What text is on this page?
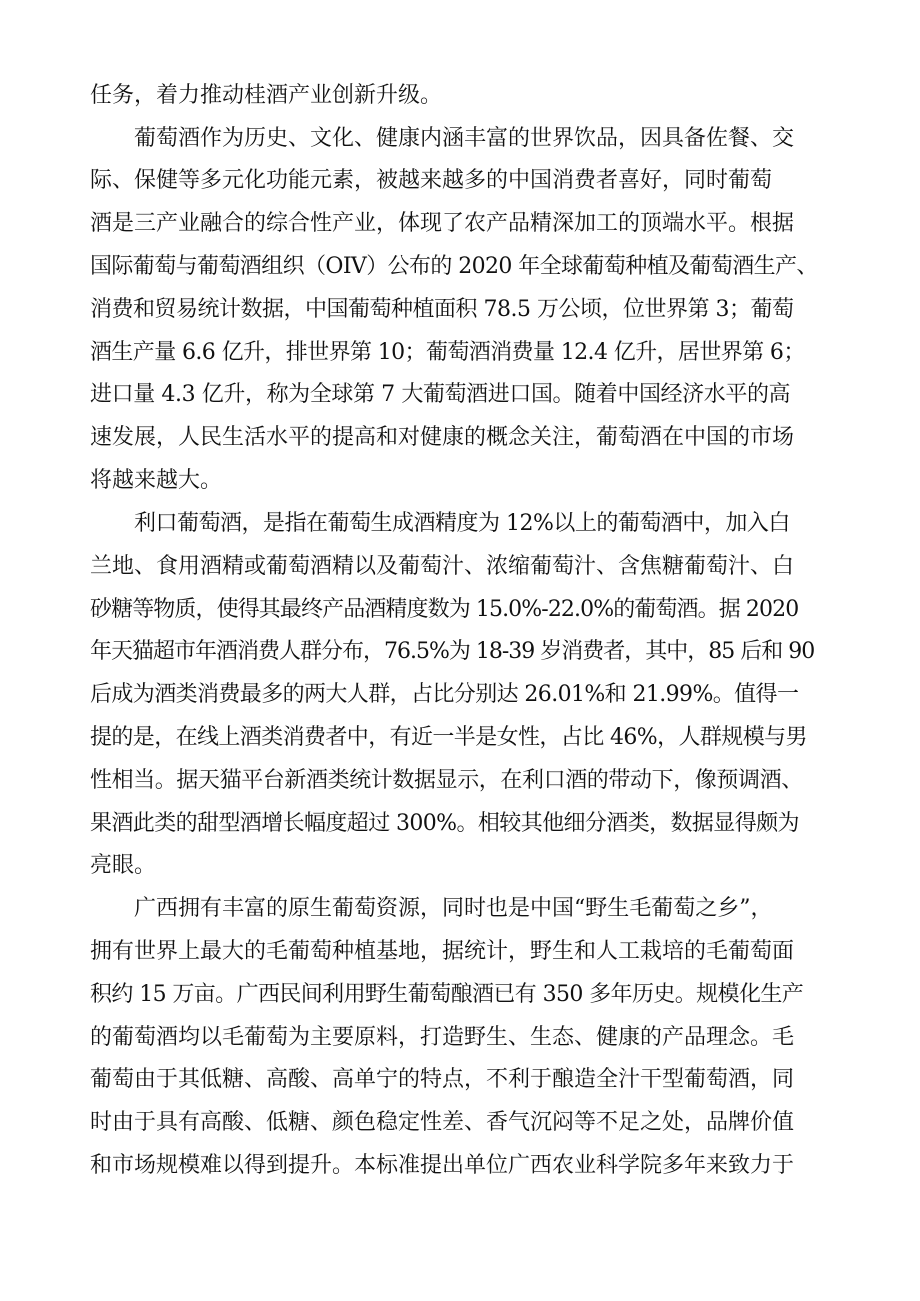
任务，着力推动桂酒产业创新升级。
葡萄酒作为历史、文化、健康内涵丰富的世界饮品，因具备佐餐、交
际、保健等多元化功能元素，被越来越多的中国消费者喜好，同时葡萄
酒是三产业融合的综合性产业，体现了农产品精深加工的顶端水平。根据
国际葡萄与葡萄酒组织（OIV）公布的 2020 年全球葡萄种植及葡萄酒生产、
消费和贸易统计数据，中国葡萄种植面积 78.5 万公顷，位世界第 3；葡萄
酒生产量 6.6 亿升，排世界第 10；葡萄酒消费量 12.4 亿升，居世界第 6；
进口量 4.3 亿升，称为全球第 7 大葡萄酒进口国。随着中国经济水平的高
速发展，人民生活水平的提高和对健康的概念关注，葡萄酒在中国的市场
将越来越大。
利口葡萄酒，是指在葡萄生成酒精度为 12%以上的葡萄酒中，加入白
兰地、食用酒精或葡萄酒精以及葡萄汁、浓缩葡萄汁、含焦糖葡萄汁、白
砂糖等物质，使得其最终产品酒精度数为 15.0%-22.0%的葡萄酒。据 2020
年天猫超市年酒消费人群分布，76.5%为 18-39 岁消费者，其中，85 后和 90
后成为酒类消费最多的两大人群，占比分别达 26.01%和 21.99%。值得一
提的是，在线上酒类消费者中，有近一半是女性，占比 46%，人群规模与男
性相当。据天猫平台新酒类统计数据显示，在利口酒的带动下，像预调酒、
果酒此类的甜型酒增长幅度超过 300%。相较其他细分酒类，数据显得颇为
亮眼。
广西拥有丰富的原生葡萄资源，同时也是中国“野生毛葡萄之乡”，
拥有世界上最大的毛葡萄种植基地，据统计，野生和人工栽培的毛葡萄面
积约 15 万亩。广西民间利用野生葡萄酿酒已有 350 多年历史。规模化生产
的葡萄酒均以毛葡萄为主要原料，打造野生、生态、健康的产品理念。毛
葡萄由于其低糖、高酸、高单宁的特点，不利于酿造全汁干型葡萄酒，同
时由于具有高酸、低糖、颜色稳定性差、香气沉闷等不足之处，品牌价值
和市场规模难以得到提升。本标准提出单位广西农业科学院多年来致力于
